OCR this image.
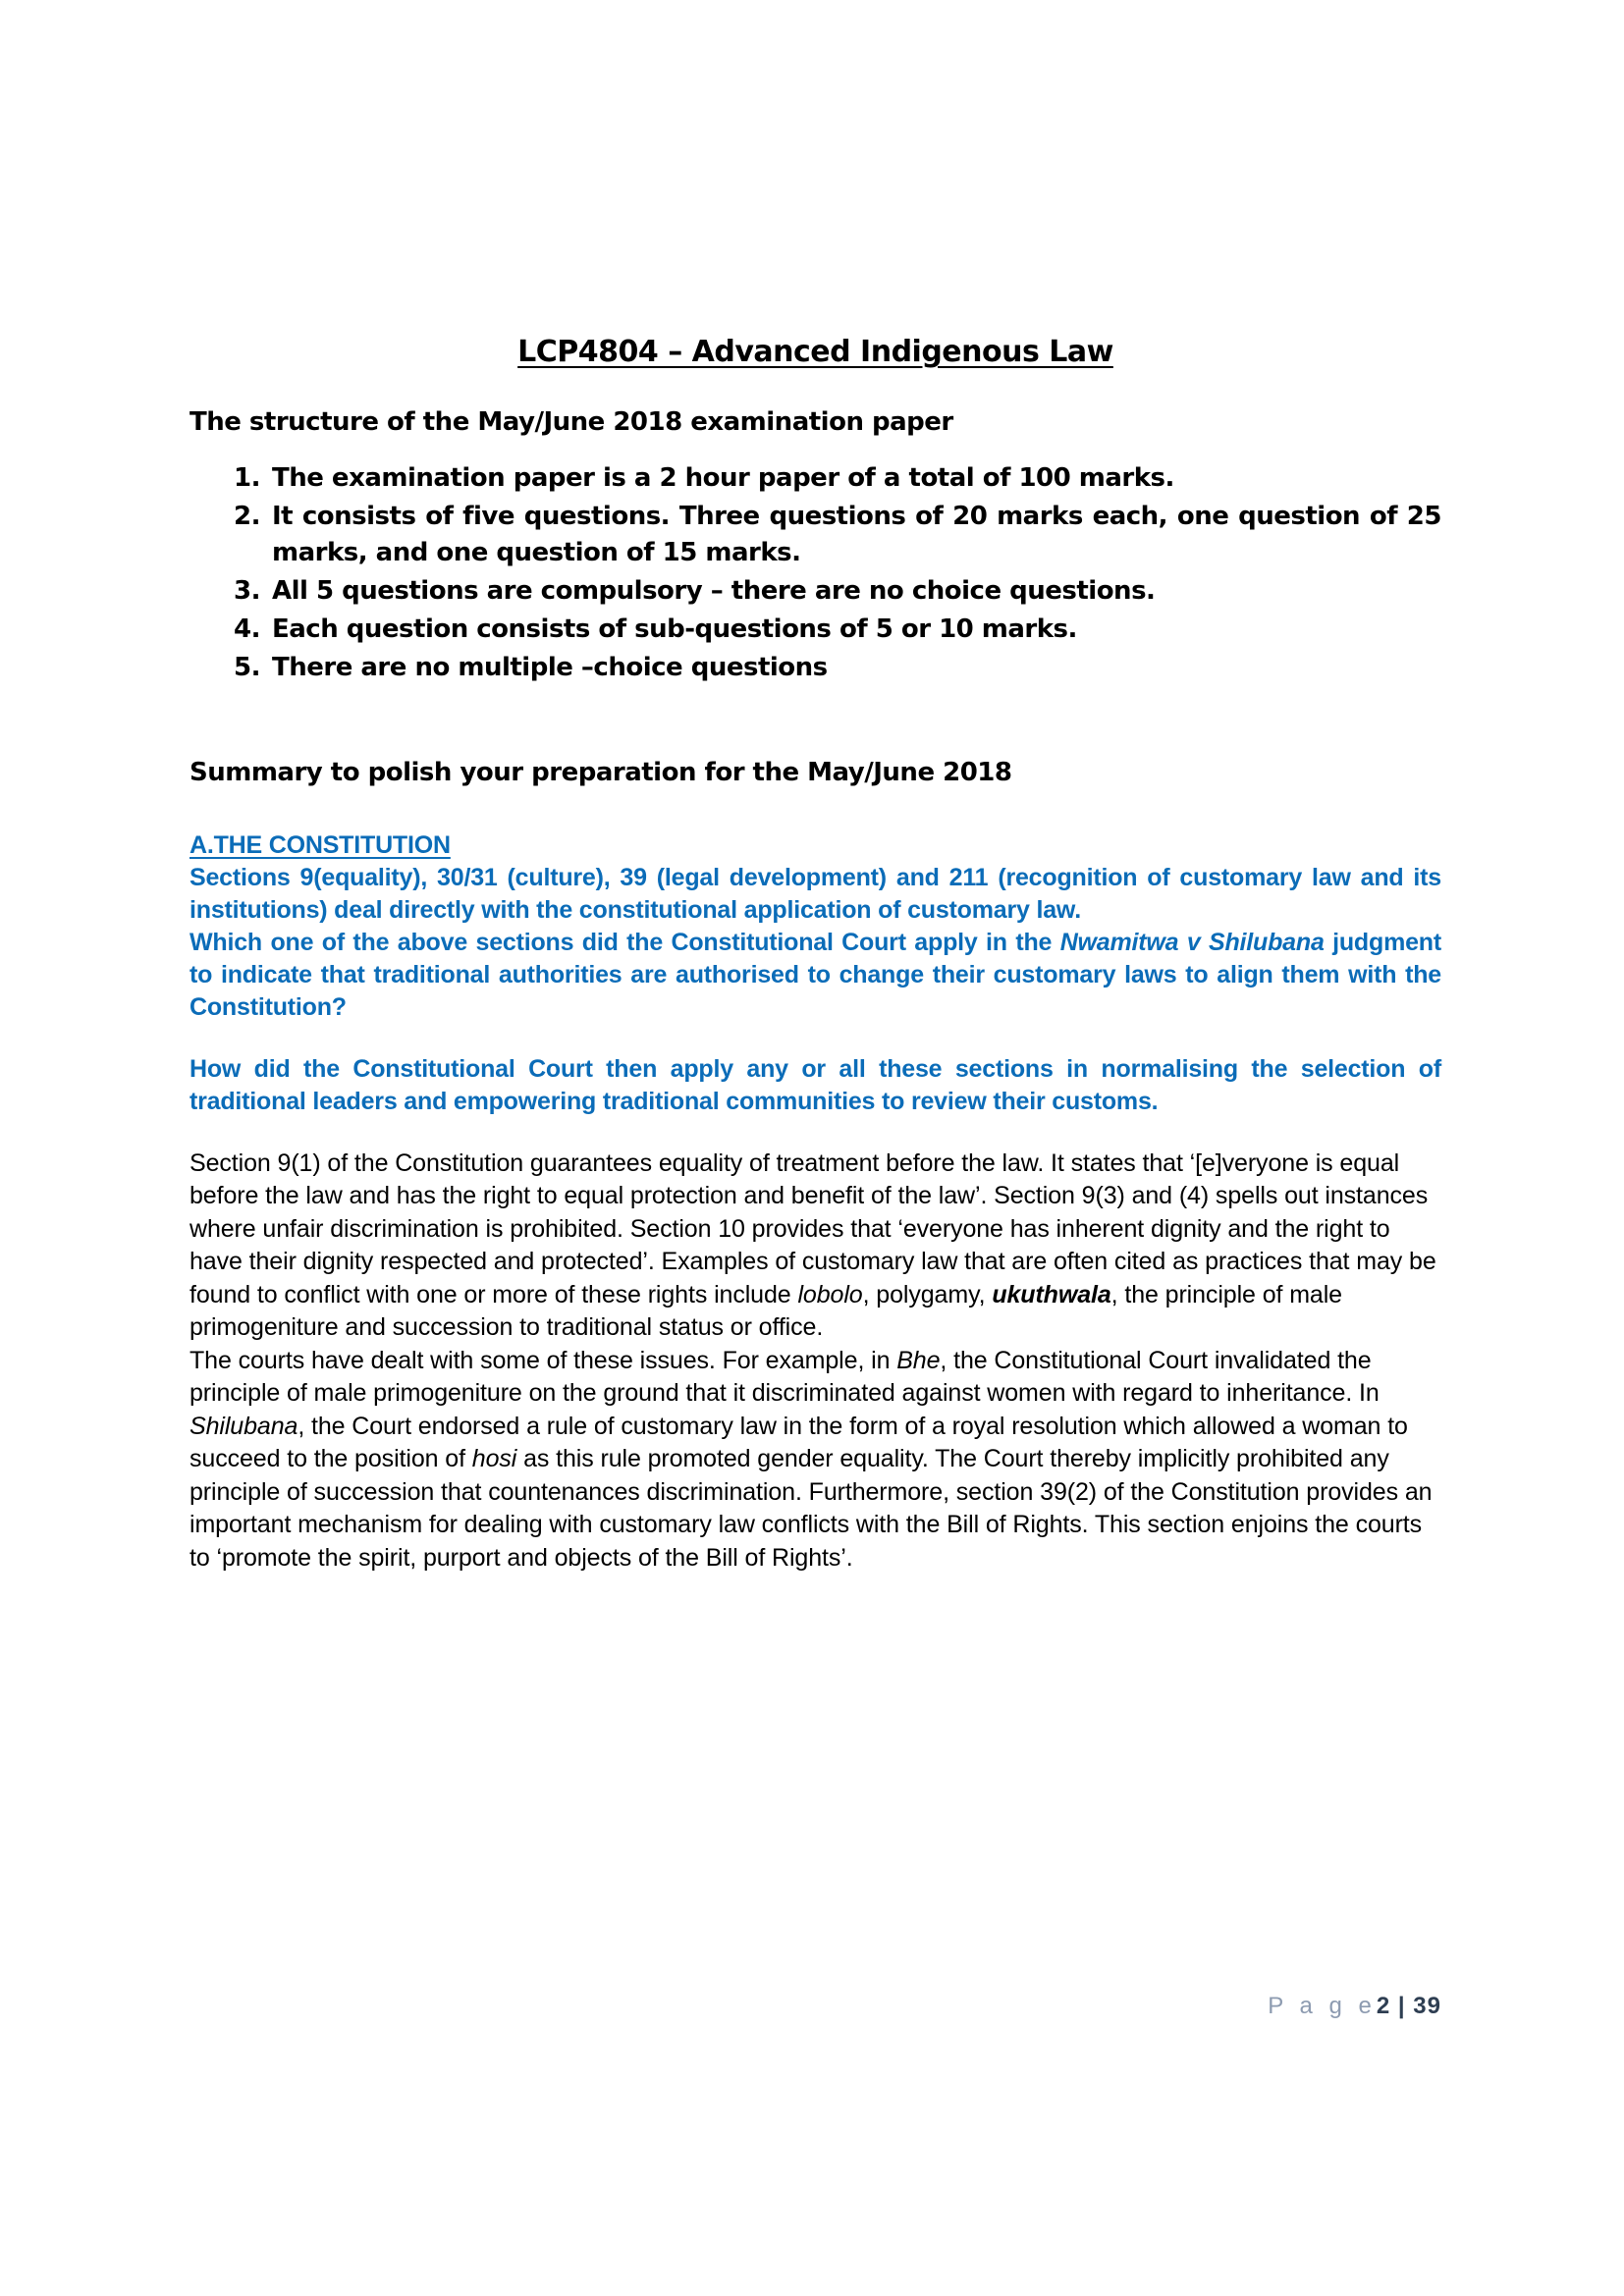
LCP4804 – Advanced Indigenous Law

The structure of the May/June 2018 examination paper

The examination paper is a 2 hour paper of a total of 100 marks.
It consists of five questions. Three questions of 20 marks each, one question of 25 marks, and one question of 15 marks.
All 5 questions are compulsory – there are no choice questions.
Each question consists of sub-questions of 5 or 10 marks.
There are no multiple –choice questions

Summary to polish your preparation for the May/June 2018

A.THE CONSTITUTION

Sections 9(equality), 30/31 (culture), 39 (legal development) and 211 (recognition of customary law and its institutions) deal directly with the constitutional application of customary law.

Which one of the above sections did the Constitutional Court apply in the Nwamitwa v Shilubana judgment to indicate that traditional authorities are authorised to change their customary laws to align them with the Constitution?

How did the Constitutional Court then apply any or all these sections in normalising the selection of traditional leaders and empowering traditional communities to review their customs.

Section 9(1) of the Constitution guarantees equality of treatment before the law. It states that ‘[e]veryone is equal before the law and has the right to equal protection and benefit of the law’. Section 9(3) and (4) spells out instances where unfair discrimination is prohibited. Section 10 provides that ‘everyone has inherent dignity and the right to have their dignity respected and protected’. Examples of customary law that are often cited as practices that may be found to conflict with one or more of these rights include lobolo, polygamy, ukuthwala, the principle of male primogeniture and succession to traditional status or office.

The courts have dealt with some of these issues. For example, in Bhe, the Constitutional Court invalidated the principle of male primogeniture on the ground that it discriminated against women with regard to inheritance. In Shilubana, the Court endorsed a rule of customary law in the form of a royal resolution which allowed a woman to succeed to the position of hosi as this rule promoted gender equality. The Court thereby implicitly prohibited any principle of succession that countenances discrimination. Furthermore, section 39(2) of the Constitution provides an important mechanism for dealing with customary law conflicts with the Bill of Rights. This section enjoins the courts to ‘promote the spirit, purport and objects of the Bill of Rights’.

P a g e2 | 39
